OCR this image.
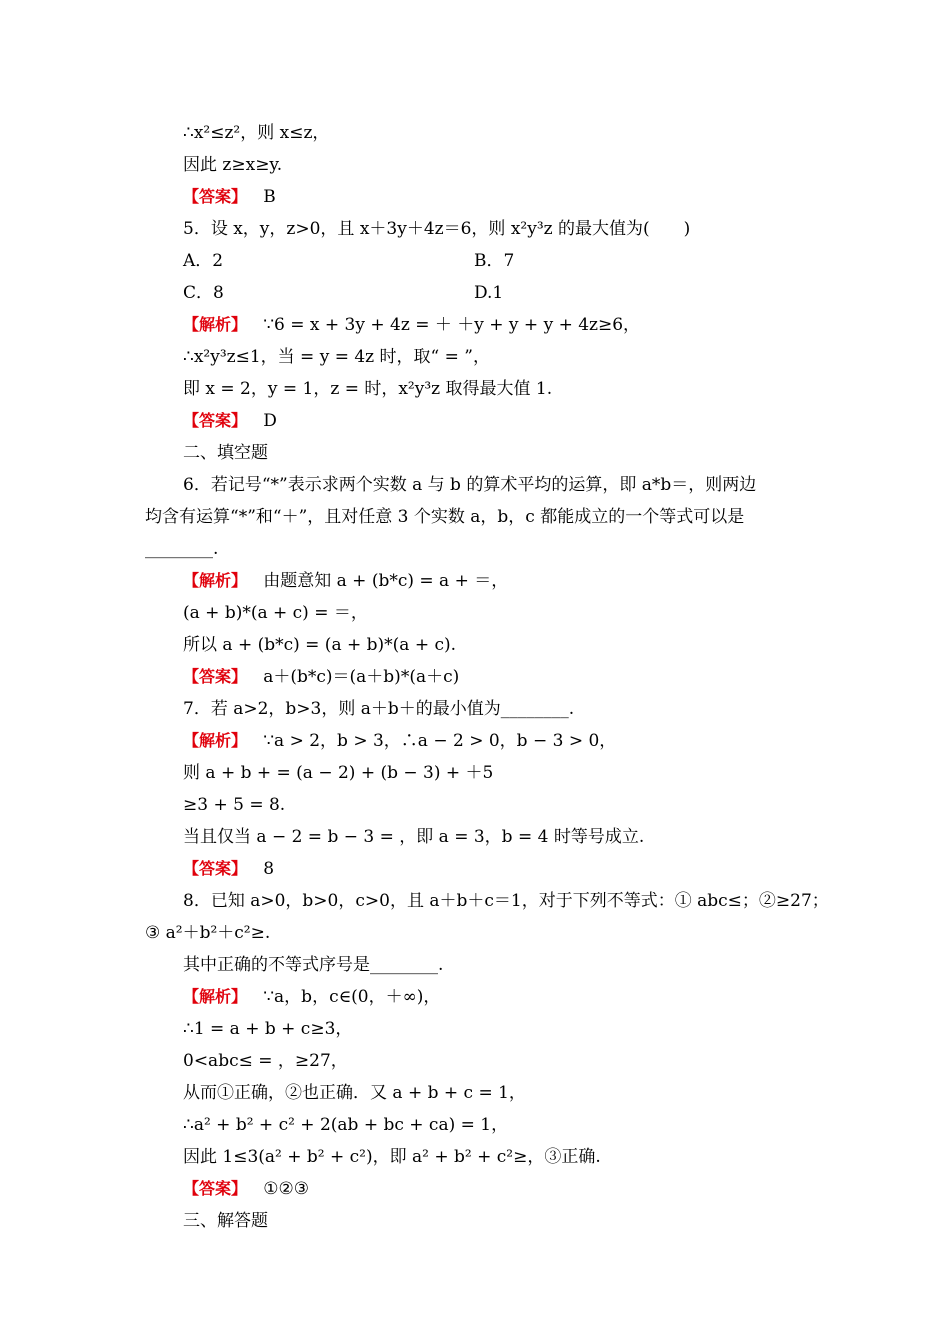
∴x²≤z²，则 x≤z，
因此 z≥x≥y.
【答案】 B
5．设 x，y，z>0，且 x＋3y＋4z＝6，则 x²y³z 的最大值为(　　)
A．2	B．7
C．8	D.1
【解析】 ∵6 = x + 3y + 4z = ＋ ＋y + y + y + 4z≥6，
∴x²y³z≤1，当 = y = 4z 时，取“ = ”，
即 x = 2，y = 1，z = 时，x²y³z 取得最大值 1.
【答案】 D
二、填空题
6．若记号“*”表示求两个实数 a 与 b 的算术平均的运算，即 a*b＝，则两边
均含有运算“*”和“＋”，且对任意 3 个实数 a，b，c 都能成立的一个等式可以是
________.
【解析】 由题意知 a + (b*c) = a + ＝，
(a + b)*(a + c) = ＝，
所以 a + (b*c) = (a + b)*(a + c).
【答案】 a＋(b*c)＝(a＋b)*(a＋c)
7．若 a>2，b>3，则 a＋b＋的最小值为________.
【解析】 ∵a > 2，b > 3，∴a − 2 > 0，b − 3 > 0，
则 a + b + = (a − 2) + (b − 3) + ＋5
≥3 + 5 = 8.
当且仅当 a − 2 = b − 3 = ，即 a = 3，b = 4 时等号成立.
【答案】 8
8．已知 a>0，b>0，c>0，且 a＋b＋c＝1，对于下列不等式：① abc≤；②≥27；
③ a²＋b²＋c²≥.
其中正确的不等式序号是________.
【解析】 ∵a，b，c∈(0，＋∞)，
∴1 = a + b + c≥3，
0<abc≤ = ，≥27，
从而①正确，②也正确．又 a + b + c = 1，
∴a² + b² + c² + 2(ab + bc + ca) = 1，
因此 1≤3(a² + b² + c²)，即 a² + b² + c²≥，③正确.
【答案】 ①②③
三、解答题
